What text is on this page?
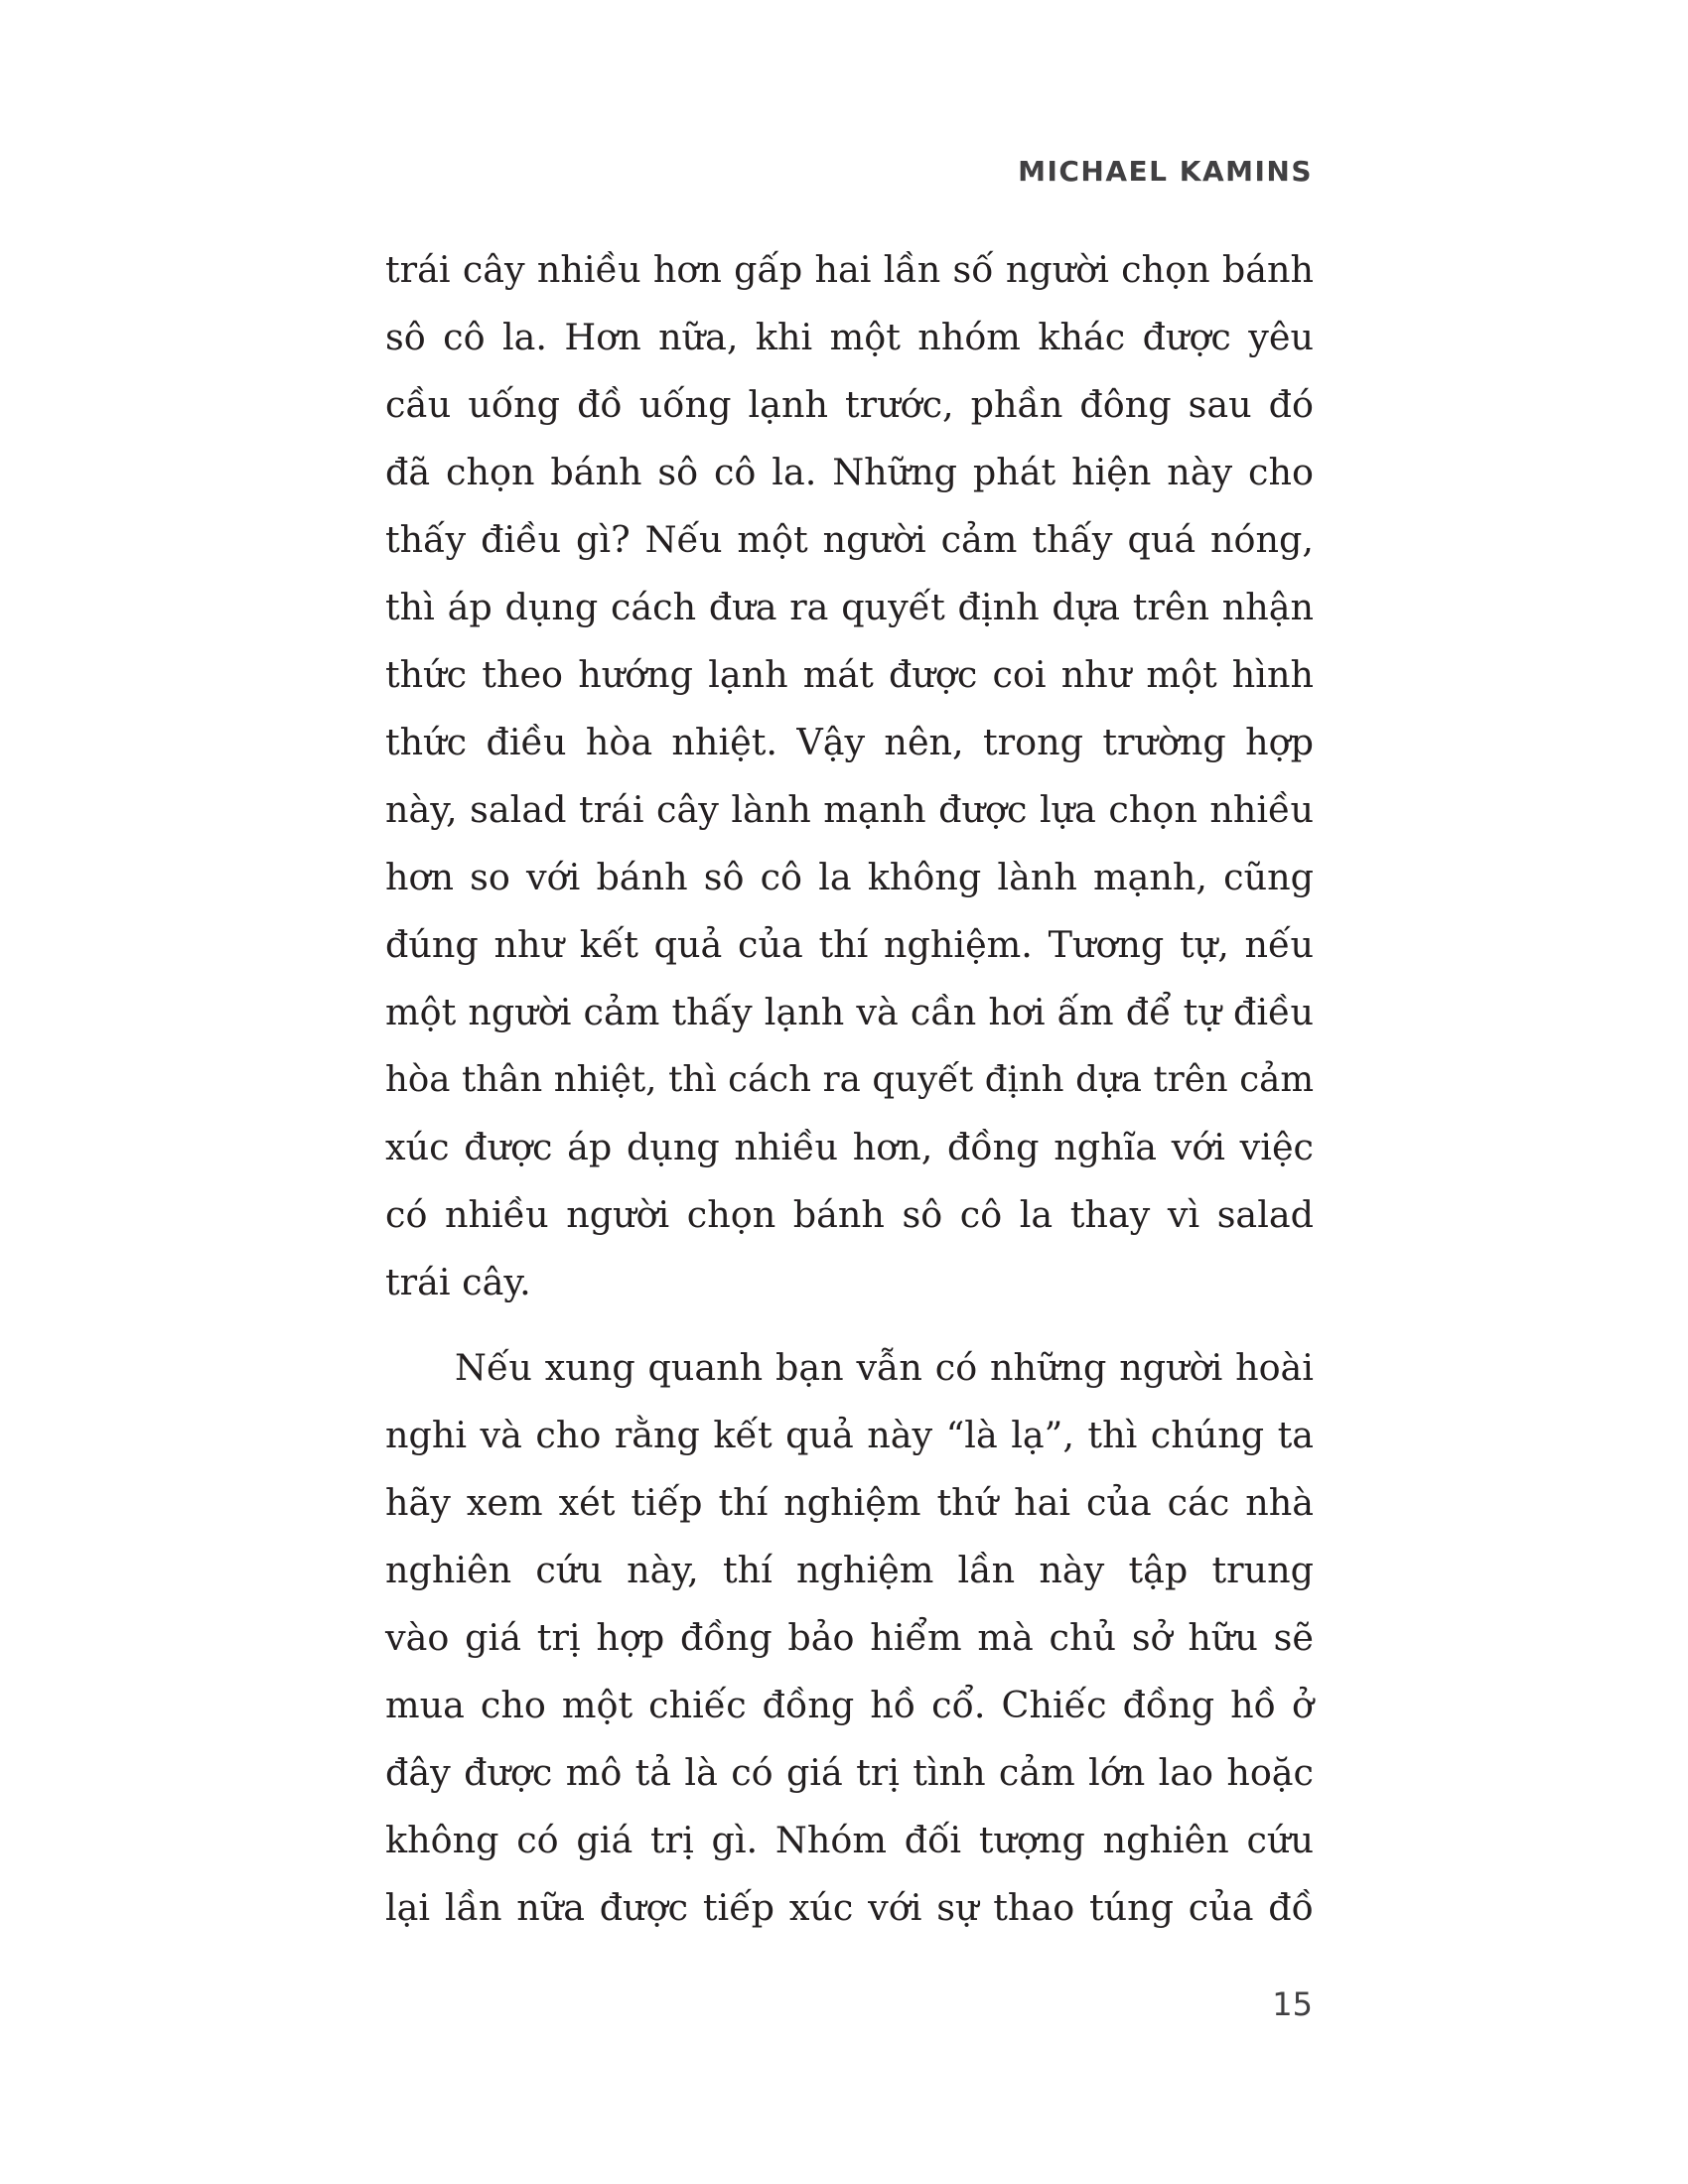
MICHAEL KAMINS

trái cây nhiều hơn gấp hai lần số người chọn bánh
sô cô la. Hơn nữa, khi một nhóm khác được yêu
cầu uống đồ uống lạnh trước, phần đông sau đó
đã chọn bánh sô cô la. Những phát hiện này cho
thấy điều gì? Nếu một người cảm thấy quá nóng,
thì áp dụng cách đưa ra quyết định dựa trên nhận
thức theo hướng lạnh mát được coi như một hình
thức điều hòa nhiệt. Vậy nên, trong trường hợp
này, salad trái cây lành mạnh được lựa chọn nhiều
hơn so với bánh sô cô la không lành mạnh, cũng
đúng như kết quả của thí nghiệm. Tương tự, nếu
một người cảm thấy lạnh và cần hơi ấm để tự điều
hòa thân nhiệt, thì cách ra quyết định dựa trên cảm
xúc được áp dụng nhiều hơn, đồng nghĩa với việc
có nhiều người chọn bánh sô cô la thay vì salad
trái cây.
Nếu xung quanh bạn vẫn có những người hoài
nghi và cho rằng kết quả này “là lạ”, thì chúng ta
hãy xem xét tiếp thí nghiệm thứ hai của các nhà
nghiên cứu này, thí nghiệm lần này tập trung
vào giá trị hợp đồng bảo hiểm mà chủ sở hữu sẽ
mua cho một chiếc đồng hồ cổ. Chiếc đồng hồ ở
đây được mô tả là có giá trị tình cảm lớn lao hoặc
không có giá trị gì. Nhóm đối tượng nghiên cứu
lại lần nữa được tiếp xúc với sự thao túng của đồ

15
